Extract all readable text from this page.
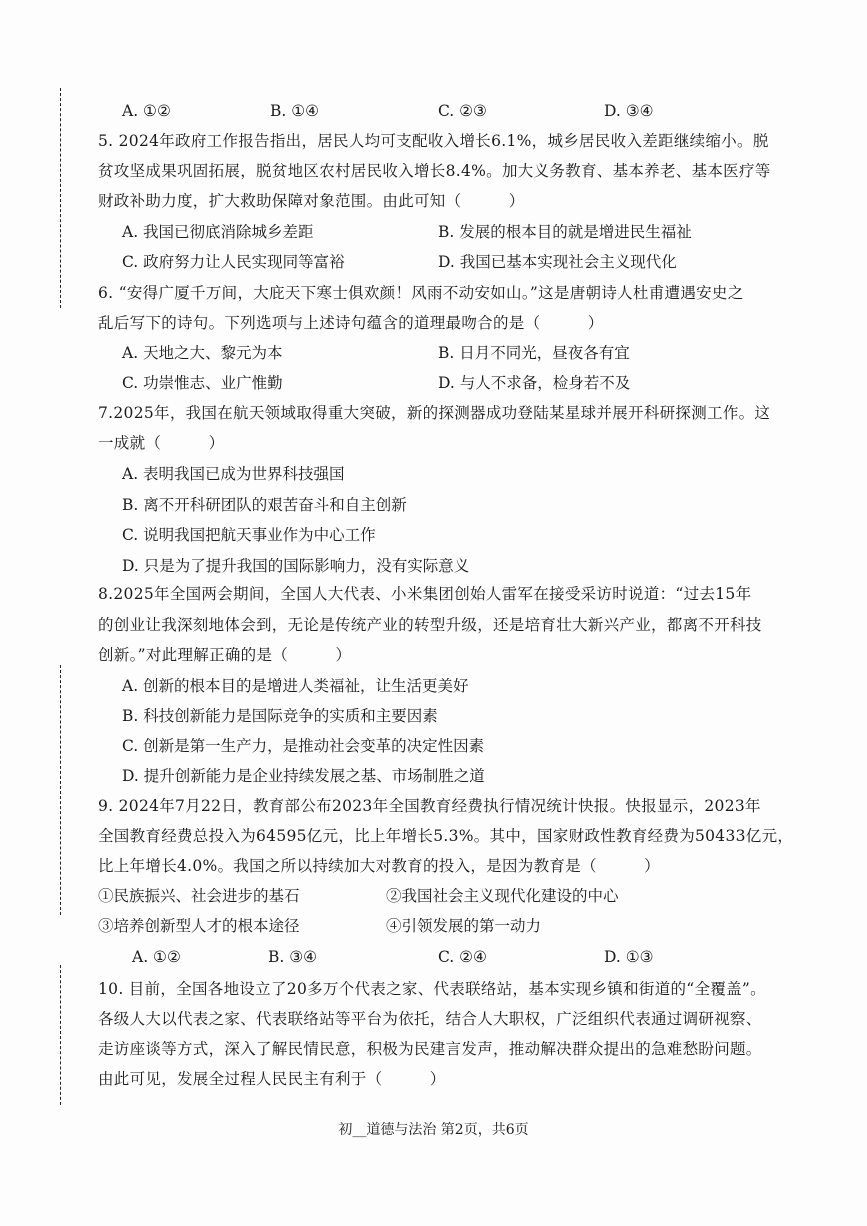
A. ①②	B. ①④	C. ②③	D. ③④
5. 2024年政府工作报告指出，居民人均可支配收入增长6.1%，城乡居民收入差距继续缩小。脱
贫攻坚成果巩固拓展，脱贫地区农村居民收入增长8.4%。加大义务教育、基本养老、基本医疗等
财政补助力度，扩大救助保障对象范围。由此可知（　　　）
A. 我国已彻底消除城乡差距	B. 发展的根本目的就是增进民生福祉
C. 政府努力让人民实现同等富裕	D. 我国已基本实现社会主义现代化
6. “安得广厦千万间，大庇天下寒士俱欢颜！风雨不动安如山。”这是唐朝诗人杜甫遭遇安史之
乱后写下的诗句。下列选项与上述诗句蕴含的道理最吻合的是（　　　）
A. 天地之大、黎元为本	B. 日月不同光，昼夜各有宜
C. 功崇惟志、业广惟勤	D. 与人不求备，检身若不及
7.2025年，我国在航天领域取得重大突破，新的探测器成功登陆某星球并展开科研探测工作。这
一成就（　　　）
A. 表明我国已成为世界科技强国
B. 离不开科研团队的艰苦奋斗和自主创新
C. 说明我国把航天事业作为中心工作
D. 只是为了提升我国的国际影响力，没有实际意义
8.2025年全国两会期间，全国人大代表、小米集团创始人雷军在接受采访时说道：“过去15年
的创业让我深刻地体会到，无论是传统产业的转型升级，还是培育壮大新兴产业，都离不开科技
创新。”对此理解正确的是（　　　）
A. 创新的根本目的是增进人类福祉，让生活更美好
B. 科技创新能力是国际竞争的实质和主要因素
C. 创新是第一生产力，是推动社会变革的决定性因素
D. 提升创新能力是企业持续发展之基、市场制胜之道
9. 2024年7月22日，教育部公布2023年全国教育经费执行情况统计快报。快报显示，2023年
全国教育经费总投入为64595亿元，比上年增长5.3%。其中，国家财政性教育经费为50433亿元，
比上年增长4.0%。我国之所以持续加大对教育的投入，是因为教育是（　　　）
①民族振兴、社会进步的基石	②我国社会主义现代化建设的中心
③培养创新型人才的根本途径	④引领发展的第一动力
A. ①②	B. ③④	C. ②④	D. ①③
10. 目前，全国各地设立了20多万个代表之家、代表联络站，基本实现乡镇和街道的“全覆盖”。
各级人大以代表之家、代表联络站等平台为依托，结合人大职权，广泛组织代表通过调研视察、
走访座谈等方式，深入了解民情民意，积极为民建言发声，推动解决群众提出的急难愁盼问题。
由此可见，发展全过程人民民主有利于（　　　）
初__道德与法治 第2页，共6页
